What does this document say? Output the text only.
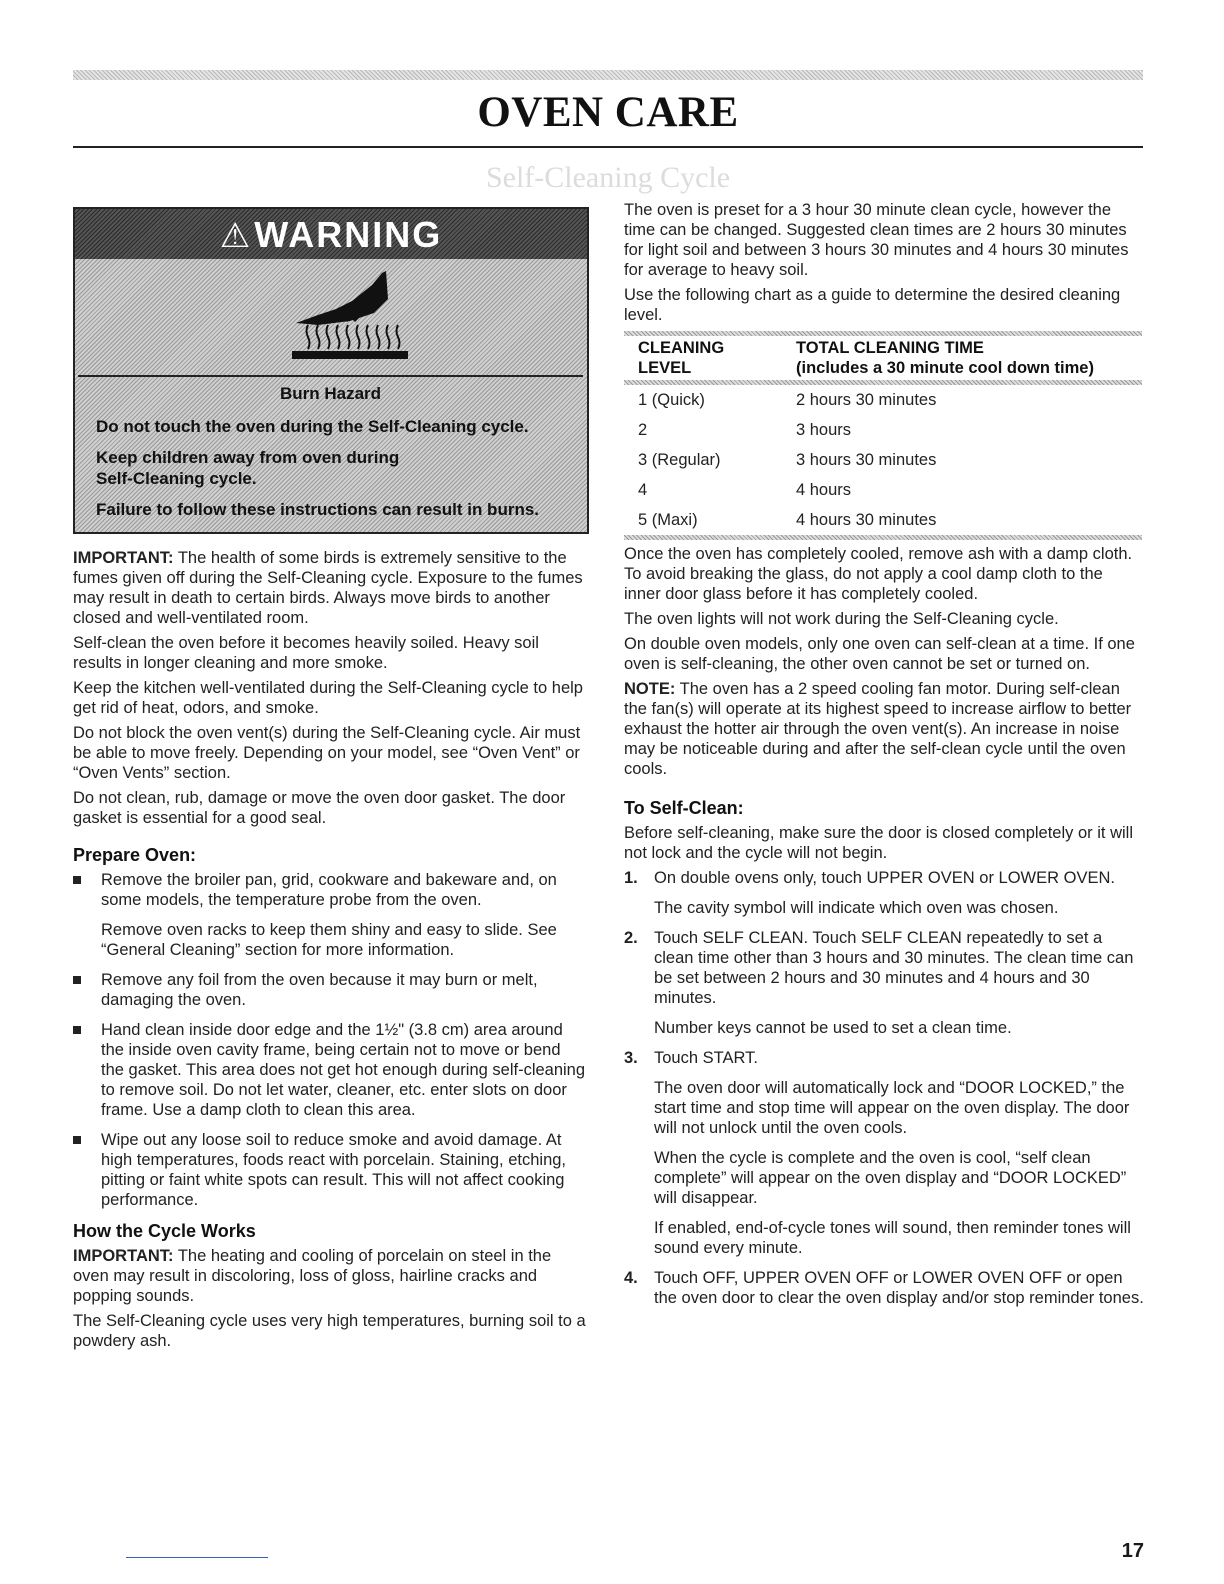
OVEN CARE
Self-Cleaning Cycle
⚠WARNING
Burn Hazard

Do not touch the oven during the Self-Cleaning cycle.

Keep children away from oven during Self-Cleaning cycle.

Failure to follow these instructions can result in burns.

IMPORTANT: The health of some birds is extremely sensitive to the fumes given off during the Self-Cleaning cycle. Exposure to the fumes may result in death to certain birds. Always move birds to another closed and well-ventilated room.

Self-clean the oven before it becomes heavily soiled. Heavy soil results in longer cleaning and more smoke.

Keep the kitchen well-ventilated during the Self-Cleaning cycle to help get rid of heat, odors, and smoke.

Do not block the oven vent(s) during the Self-Cleaning cycle. Air must be able to move freely. Depending on your model, see “Oven Vent” or “Oven Vents” section.

Do not clean, rub, damage or move the oven door gasket. The door gasket is essential for a good seal.

Prepare Oven:

Remove the broiler pan, grid, cookware and bakeware and, on some models, the temperature probe from the oven.

Remove oven racks to keep them shiny and easy to slide. See “General Cleaning” section for more information.

Remove any foil from the oven because it may burn or melt, damaging the oven.

Hand clean inside door edge and the 1½" (3.8 cm) area around the inside oven cavity frame, being certain not to move or bend the gasket. This area does not get hot enough during self-cleaning to remove soil. Do not let water, cleaner, etc. enter slots on door frame. Use a damp cloth to clean this area.

Wipe out any loose soil to reduce smoke and avoid damage. At high temperatures, foods react with porcelain. Staining, etching, pitting or faint white spots can result. This will not affect cooking performance.

How the Cycle Works

IMPORTANT: The heating and cooling of porcelain on steel in the oven may result in discoloring, loss of gloss, hairline cracks and popping sounds.

The Self-Cleaning cycle uses very high temperatures, burning soil to a powdery ash.

The oven is preset for a 3 hour 30 minute clean cycle, however the time can be changed. Suggested clean times are 2 hours 30 minutes for light soil and between 3 hours 30 minutes and 4 hours 30 minutes for average to heavy soil.

Use the following chart as a guide to determine the desired cleaning level.

CLEANING
LEVEL	TOTAL CLEANING TIME
(includes a 30 minute cool down time)

1 (Quick)	2 hours 30 minutes
2	3 hours
3 (Regular)	3 hours 30 minutes
4	4 hours
5 (Maxi)	4 hours 30 minutes

Once the oven has completely cooled, remove ash with a damp cloth. To avoid breaking the glass, do not apply a cool damp cloth to the inner door glass before it has completely cooled.

The oven lights will not work during the Self-Cleaning cycle.

On double oven models, only one oven can self-clean at a time. If one oven is self-cleaning, the other oven cannot be set or turned on.

NOTE: The oven has a 2 speed cooling fan motor. During self-clean the fan(s) will operate at its highest speed to increase airflow to better exhaust the hotter air through the oven vent(s). An increase in noise may be noticeable during and after the self-clean cycle until the oven cools.

To Self-Clean:

Before self-cleaning, make sure the door is closed completely or it will not lock and the cycle will not begin.

1. On double ovens only, touch UPPER OVEN or LOWER OVEN.

The cavity symbol will indicate which oven was chosen.

2. Touch SELF CLEAN. Touch SELF CLEAN repeatedly to set a clean time other than 3 hours and 30 minutes. The clean time can be set between 2 hours and 30 minutes and 4 hours and 30 minutes.

Number keys cannot be used to set a clean time.

3. Touch START.

The oven door will automatically lock and “DOOR LOCKED,” the start time and stop time will appear on the oven display. The door will not unlock until the oven cools.

When the cycle is complete and the oven is cool, “self clean complete” will appear on the oven display and “DOOR LOCKED” will disappear.

If enabled, end-of-cycle tones will sound, then reminder tones will sound every minute.

4. Touch OFF, UPPER OVEN OFF or LOWER OVEN OFF or open the oven door to clear the oven display and/or stop reminder tones.

17
